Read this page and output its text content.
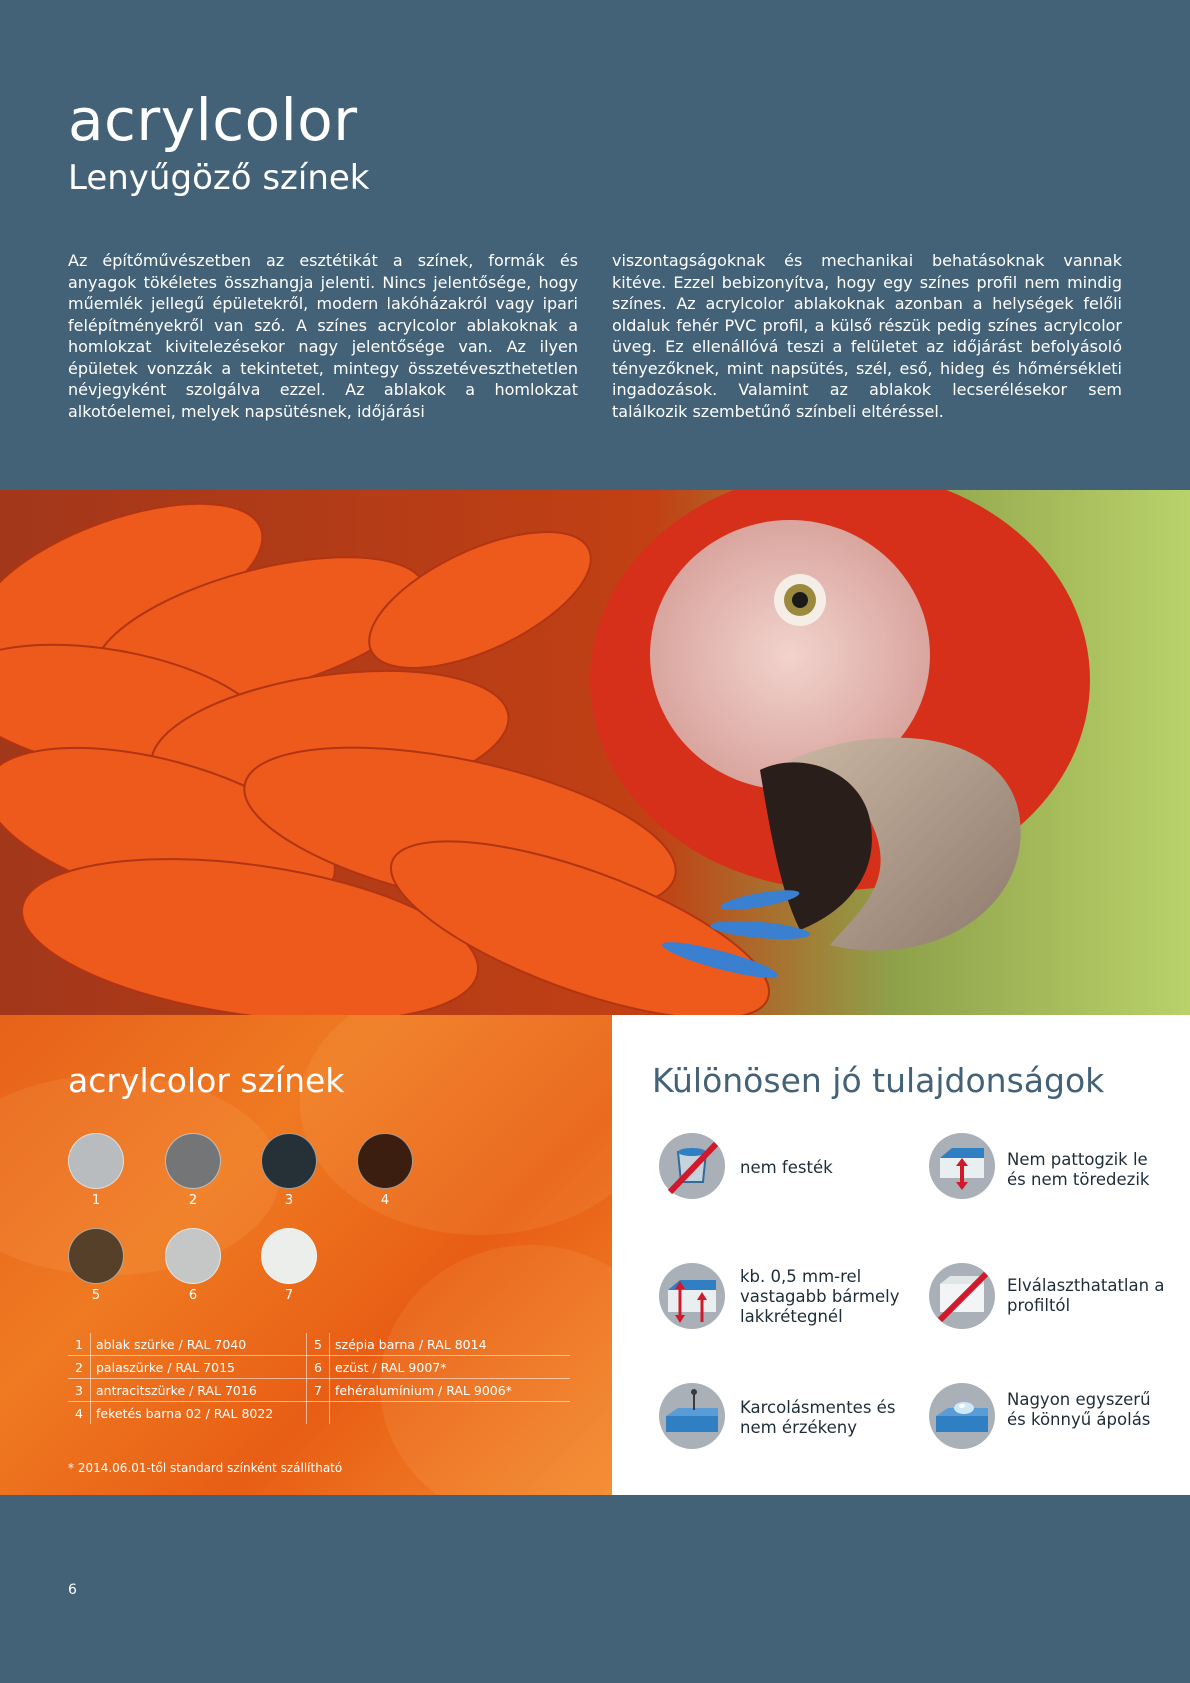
acrylcolor
Lenyűgöző színek

Az építőművészetben az esztétikát a színek, formák és anyagok tökéletes összhangja jelenti. Nincs jelentősége, hogy műemlék jellegű épületekről, modern lakóházakról vagy ipari felépítményekről van szó. A színes acrylcolor ablakoknak a homlokzat kivitelezésekor nagy jelentősége van. Az ilyen épületek vonzzák a tekintetet, mintegy összetéveszthetetlen névjegyként szolgálva ezzel. Az ablakok a homlokzat alkotóelemei, melyek napsütésnek, időjárási

viszontagságoknak és mechanikai behatásoknak vannak kitéve. Ezzel bebizonyítva, hogy egy színes profil nem mindig színes. Az acrylcolor ablakoknak azonban a helységek felőli oldaluk fehér PVC profil, a külső részük pedig színes acrylcolor üveg. Ez ellenállóvá teszi a felületet az időjárást befolyásoló tényezőknek, mint napsütés, szél, eső, hideg és hőmérsékleti ingadozások. Valamint az ablakok lecserélésekor sem találkozik szembetűnő színbeli eltéréssel.

acrylcolor színek
1	2	3	4
5	6	7
1	ablak szürke / RAL 7040	5	szépia barna / RAL 8014
2	palaszürke / RAL 7015	6	ezüst / RAL 9007*
3	antracitszürke / RAL 7016	7	fehéralumínium / RAL 9006*
4	feketés barna 02 / RAL 8022		

* 2014.06.01-től standard színként szállítható

Különösen jó tulajdonságok
nem festék	Nem pattogzik le és nem töredezik
kb. 0,5 mm-rel vastagabb bármely lakkrétegnél
Elválaszthatatlan a profiltól
Karcolásmentes és nem érzékeny
Nagyon egyszerű és könnyű ápolás
6
